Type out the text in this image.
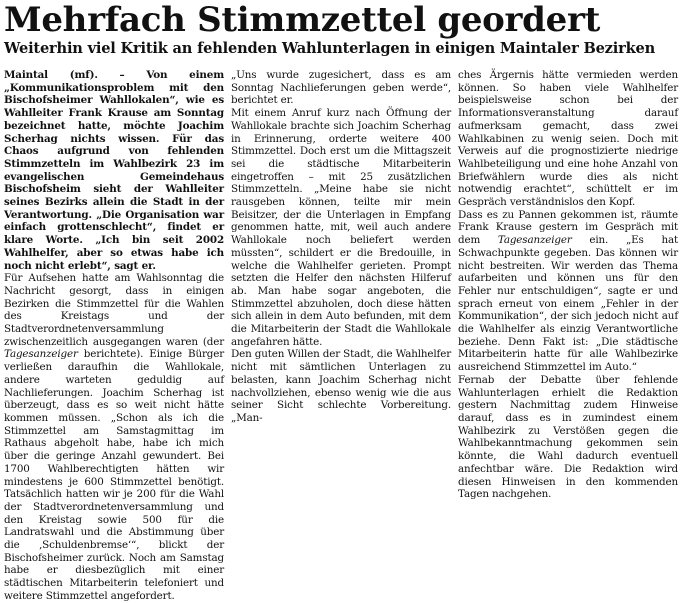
Mehrfach Stimmzettel geordert
Weiterhin viel Kritik an fehlenden Wahlunterlagen in einigen Maintaler Bezirken

Maintal (mf). – Von einem „Kommunikationsproblem mit den Bischofsheimer Wahllokalen“, wie es Wahlleiter Frank Krause am Sonntag bezeichnet hatte, möchte Joachim Scherhag nichts wissen. Für das Chaos aufgrund von fehlenden Stimmzetteln im Wahlbezirk 23 im evangelischen Gemeindehaus Bischofsheim sieht der Wahlleiter seines Bezirks allein die Stadt in der Verantwortung. „Die Organisation war einfach grottenschlecht“, findet er klare Worte. „Ich bin seit 2002 Wahlhelfer, aber so etwas habe ich noch nicht erlebt“, sagt er.

Für Aufsehen hatte am Wahlsonntag die Nachricht gesorgt, dass in einigen Bezirken die Stimmzettel für die Wahlen des Kreistags und der Stadtverordnetenversammlung zwischenzeitlich ausgegangen waren (der Tagesanzeiger berichtete). Einige Bürger verließen daraufhin die Wahllokale, andere warteten geduldig auf Nachlieferungen. Joachim Scherhag ist überzeugt, dass es so weit nicht hätte kommen müssen. „Schon als ich die Stimmzettel am Samstagmittag im Rathaus abgeholt habe, habe ich mich über die geringe Anzahl gewundert. Bei 1700 Wahlberechtigten hätten wir mindestens je 600 Stimmzettel benötigt. Tatsächlich hatten wir je 200 für die Wahl der Stadtverordnetenversammlung und den Kreistag sowie 500 für die Landratswahl und die Abstimmung über die ‚Schuldenbremse‘“, blickt der Bischofsheimer zurück. Noch am Samstag habe er diesbezüglich mit einer städtischen Mitarbeiterin telefoniert und weitere Stimmzettel angefordert.

„Uns wurde zugesichert, dass es am Sonntag Nachlieferungen geben werde“, berichtet er.

Mit einem Anruf kurz nach Öffnung der Wahllokale brachte sich Joachim Scherhag in Erinnerung, orderte weitere 400 Stimmzettel. Doch erst um die Mittagszeit sei die städtische Mitarbeiterin eingetroffen – mit 25 zusätzlichen Stimmzetteln. „Meine habe sie nicht rausgeben können, teilte mir mein Beisitzer, der die Unterlagen in Empfang genommen hatte, mit, weil auch andere Wahllokale noch beliefert werden müssten“, schildert er die Bredouille, in welche die Wahlhelfer gerieten. Prompt setzten die Helfer den nächsten Hilferuf ab. Man habe sogar angeboten, die Stimmzettel abzuholen, doch diese hätten sich allein in dem Auto befunden, mit dem die Mitarbeiterin der Stadt die Wahllokale angefahren hätte.

Den guten Willen der Stadt, die Wahlhelfer nicht mit sämtlichen Unterlagen zu belasten, kann Joachim Scherhag nicht nachvollziehen, ebenso wenig wie die aus seiner Sicht schlechte Vorbereitung. „Man-

ches Ärgernis hätte vermieden werden können. So haben viele Wahlhelfer beispielsweise schon bei der Informationsveranstaltung darauf aufmerksam gemacht, dass zwei Wahlkabinen zu wenig seien. Doch mit Verweis auf die prognostizierte niedrige Wahlbeteiligung und eine hohe Anzahl von Briefwählern wurde dies als nicht notwendig erachtet“, schüttelt er im Gespräch verständnislos den Kopf.

Dass es zu Pannen gekommen ist, räumte Frank Krause gestern im Gespräch mit dem Tagesanzeiger ein. „Es hat Schwachpunkte gegeben. Das können wir nicht bestreiten. Wir werden das Thema aufarbeiten und können uns für den Fehler nur entschuldigen“, sagte er und sprach erneut von einem „Fehler in der Kommunikation“, der sich jedoch nicht auf die Wahlhelfer als einzig Verantwortliche beziehe. Denn Fakt ist: „Die städtische Mitarbeiterin hatte für alle Wahlbezirke ausreichend Stimmzettel im Auto.“

Fernab der Debatte über fehlende Wahlunterlagen erhielt die Redaktion gestern Nachmittag zudem Hinweise darauf, dass es in zumindest einem Wahlbezirk zu Verstößen gegen die Wahlbekanntmachung gekommen sein könnte, die Wahl dadurch eventuell anfechtbar wäre. Die Redaktion wird diesen Hinweisen in den kommenden Tagen nachgehen.
